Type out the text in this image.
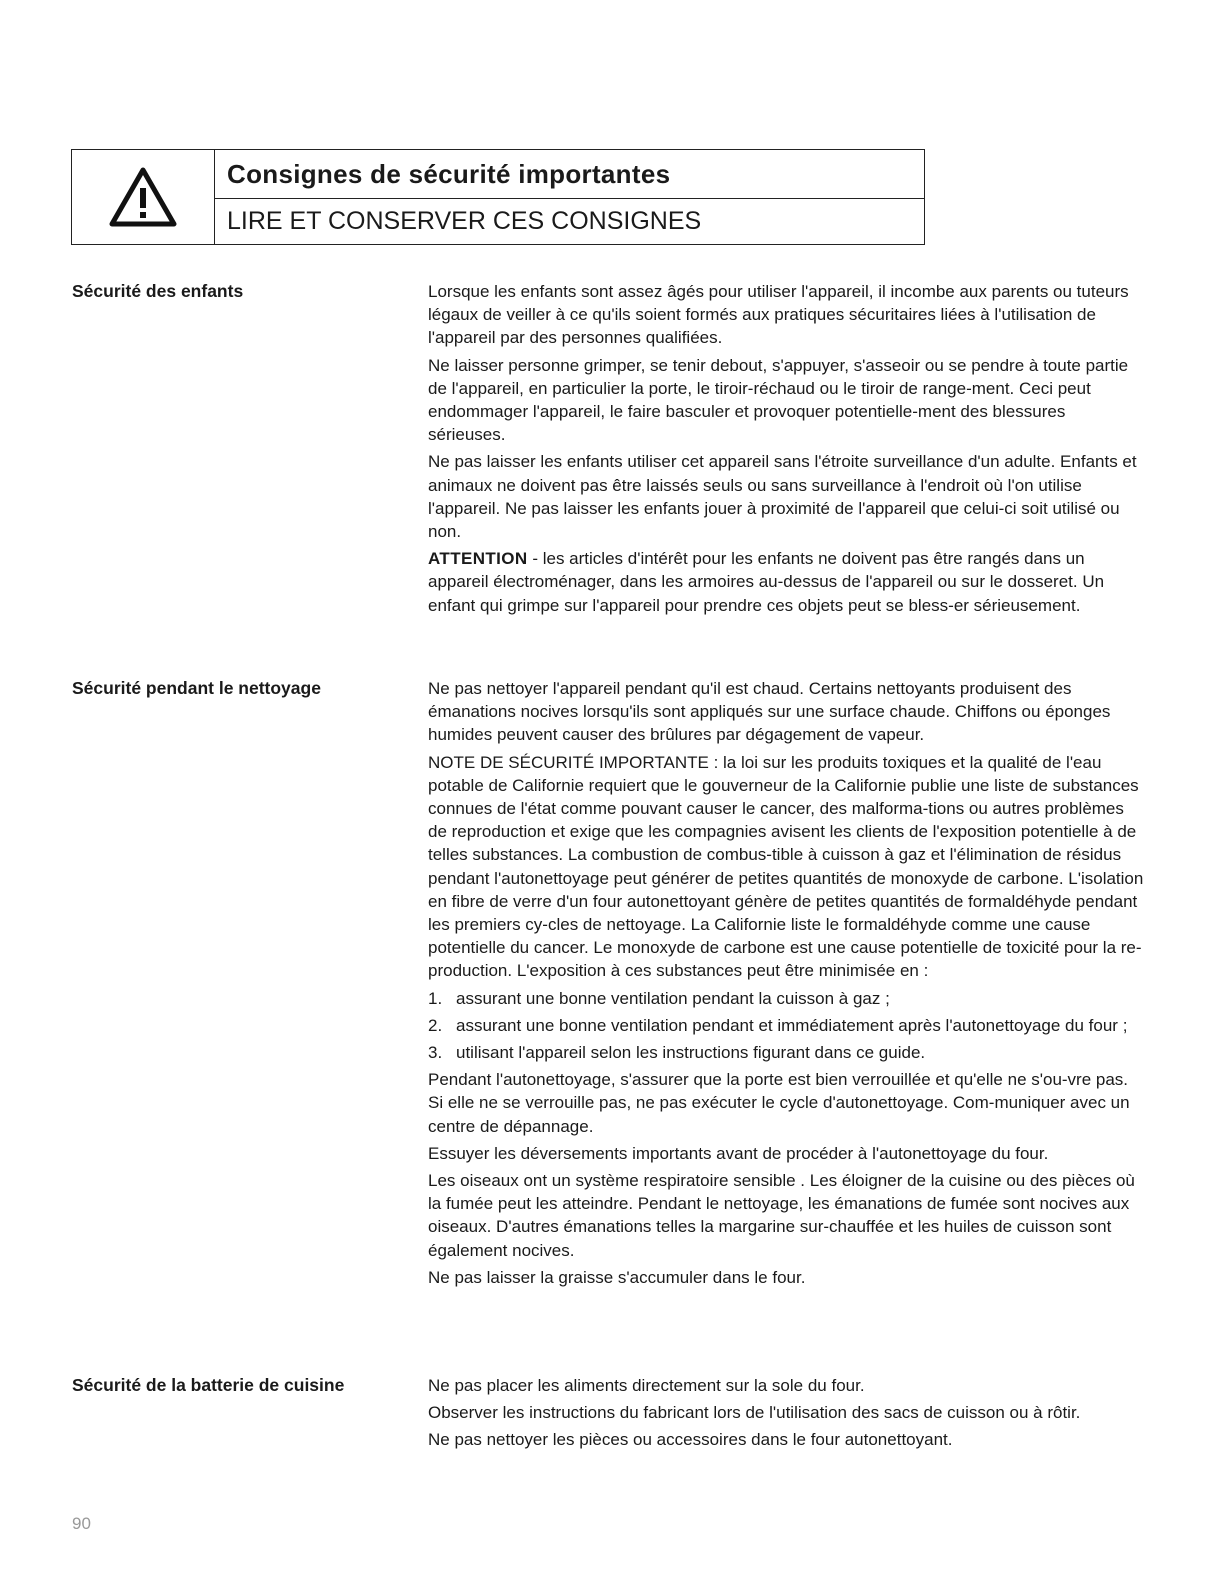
Consignes de sécurité importantes
LIRE ET CONSERVER CES CONSIGNES
Sécurité des enfants	Lorsque les enfants sont assez âgés pour utiliser l'appareil, il incombe aux parents ou tuteurs légaux de veiller à ce qu'ils soient formés aux pratiques sécuritaires liées à l'utilisation de l'appareil par des personnes qualifiées.

Ne laisser personne grimper, se tenir debout, s'appuyer, s'asseoir ou se pendre à toute partie de l'appareil, en particulier la porte, le tiroir-réchaud ou le tiroir de range-ment. Ceci peut endommager l'appareil, le faire basculer et provoquer potentielle-ment des blessures sérieuses.

Ne pas laisser les enfants utiliser cet appareil sans l'étroite surveillance d'un adulte. Enfants et animaux ne doivent pas être laissés seuls ou sans surveillance à l'endroit où l'on utilise l'appareil. Ne pas laisser les enfants jouer à proximité de l'appareil que celui-ci soit utilisé ou non.

ATTENTION - les articles d'intérêt pour les enfants ne doivent pas être rangés dans un appareil électroménager, dans les armoires au-dessus de l'appareil ou sur le dosseret. Un enfant qui grimpe sur l'appareil pour prendre ces objets peut se bless-er sérieusement.

Sécurité pendant le nettoyage	Ne pas nettoyer l'appareil pendant qu'il est chaud. Certains nettoyants produisent des émanations nocives lorsqu'ils sont appliqués sur une surface chaude. Chiffons ou éponges humides peuvent causer des brûlures par dégagement de vapeur.

NOTE DE SÉCURITÉ IMPORTANTE : la loi sur les produits toxiques et la qualité de l'eau potable de Californie requiert que le gouverneur de la Californie publie une liste de substances connues de l'état comme pouvant causer le cancer, des malforma-tions ou autres problèmes de reproduction et exige que les compagnies avisent les clients de l'exposition potentielle à de telles substances. La combustion de combus-tible à cuisson à gaz et l'élimination de résidus pendant l'autonettoyage peut générer de petites quantités de monoxyde de carbone. L'isolation en fibre de verre d'un four autonettoyant génère de petites quantités de formaldéhyde pendant les premiers cy-cles de nettoyage. La Californie liste le formaldéhyde comme une cause potentielle du cancer. Le monoxyde de carbone est une cause potentielle de toxicité pour la re-production. L'exposition à ces substances peut être minimisée en :

1. assurant une bonne ventilation pendant la cuisson à gaz ;
2. assurant une bonne ventilation pendant et immédiatement après l'autonettoyage du four ;
3. utilisant l'appareil selon les instructions figurant dans ce guide.

Pendant l'autonettoyage, s'assurer que la porte est bien verrouillée et qu'elle ne s'ou-vre pas. Si elle ne se verrouille pas, ne pas exécuter le cycle d'autonettoyage. Com-muniquer avec un centre de dépannage.

Essuyer les déversements importants avant de procéder à l'autonettoyage du four.

Les oiseaux ont un système respiratoire sensible . Les éloigner de la cuisine ou des pièces où la fumée peut les atteindre. Pendant le nettoyage, les émanations de fumée sont nocives aux oiseaux. D'autres émanations telles la margarine sur-chauffée et les huiles de cuisson sont également nocives.

Ne pas laisser la graisse s'accumuler dans le four.

Sécurité de la batterie de cuisine	Ne pas placer les aliments directement sur la sole du four.

Observer les instructions du fabricant lors de l'utilisation des sacs de cuisson ou à rôtir.

Ne pas nettoyer les pièces ou accessoires dans le four autonettoyant.

90
